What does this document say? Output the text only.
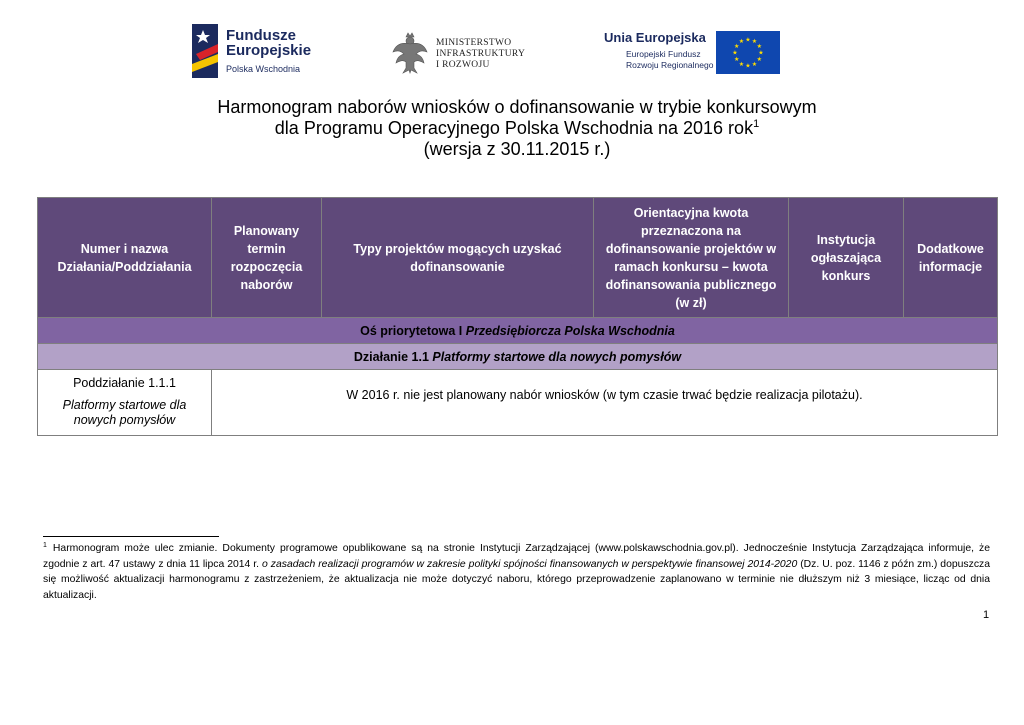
Fundusze
Europejskie
Polska Wschodnia
MINISTERSTWO
INFRASTRUKTURY
I ROZWOJU
Unia Europejska
Europejski Fundusz
Rozwoju Regionalnego
★
★
★
★
★
★
★
★
★ ★ ★
★
Harmonogram naborów wniosków o dofinansowanie w trybie konkursowym
dla Programu Operacyjnego Polska Wschodnia na 2016 rok$^1$
(wersja z 30.11.2015 r.)
Numer i nazwa Działania/Poddziałania	Planowany termin rozpoczęcia naborów	Typy projektów mogących uzyskać dofinansowanie	Orientacyjna kwota przeznaczona na dofinansowanie projektów w ramach konkursu – kwota dofinansowania publicznego (w zł)	Instytucja ogłaszająca konkurs	Dodatkowe informacje
Oś priorytetowa I Przedsiębiorcza Polska Wschodnia					
Działanie 1.1 Platformy startowe dla nowych pomysłów					

Poddziałanie 1.1.1
Platformy startowe dla nowych pomysłów	W 2016 r. nie jest planowany nabór wniosków (w tym czasie trwać będzie realizacja pilotażu).				
$^1$ Harmonogram może ulec zmianie. Dokumenty programowe opublikowane są na stronie Instytucji Zarządzającej (www.polskawschodnia.gov.pl). Jednocześnie Instytucja Zarządzająca informuje, że zgodnie z art. 47 ustawy z dnia 11 lipca 2014 r. o zasadach realizacji programów w zakresie polityki spójności finansowanych w perspektywie finansowej 2014-2020 (Dz. U. poz. 1146 z późn zm.) dopuszcza się możliwość aktualizacji harmonogramu z zastrzeżeniem, że aktualizacja nie może dotyczyć naboru, którego przeprowadzenie zaplanowano w terminie nie dłuższym niż 3 miesiące, licząc od dnia aktualizacji.
1
